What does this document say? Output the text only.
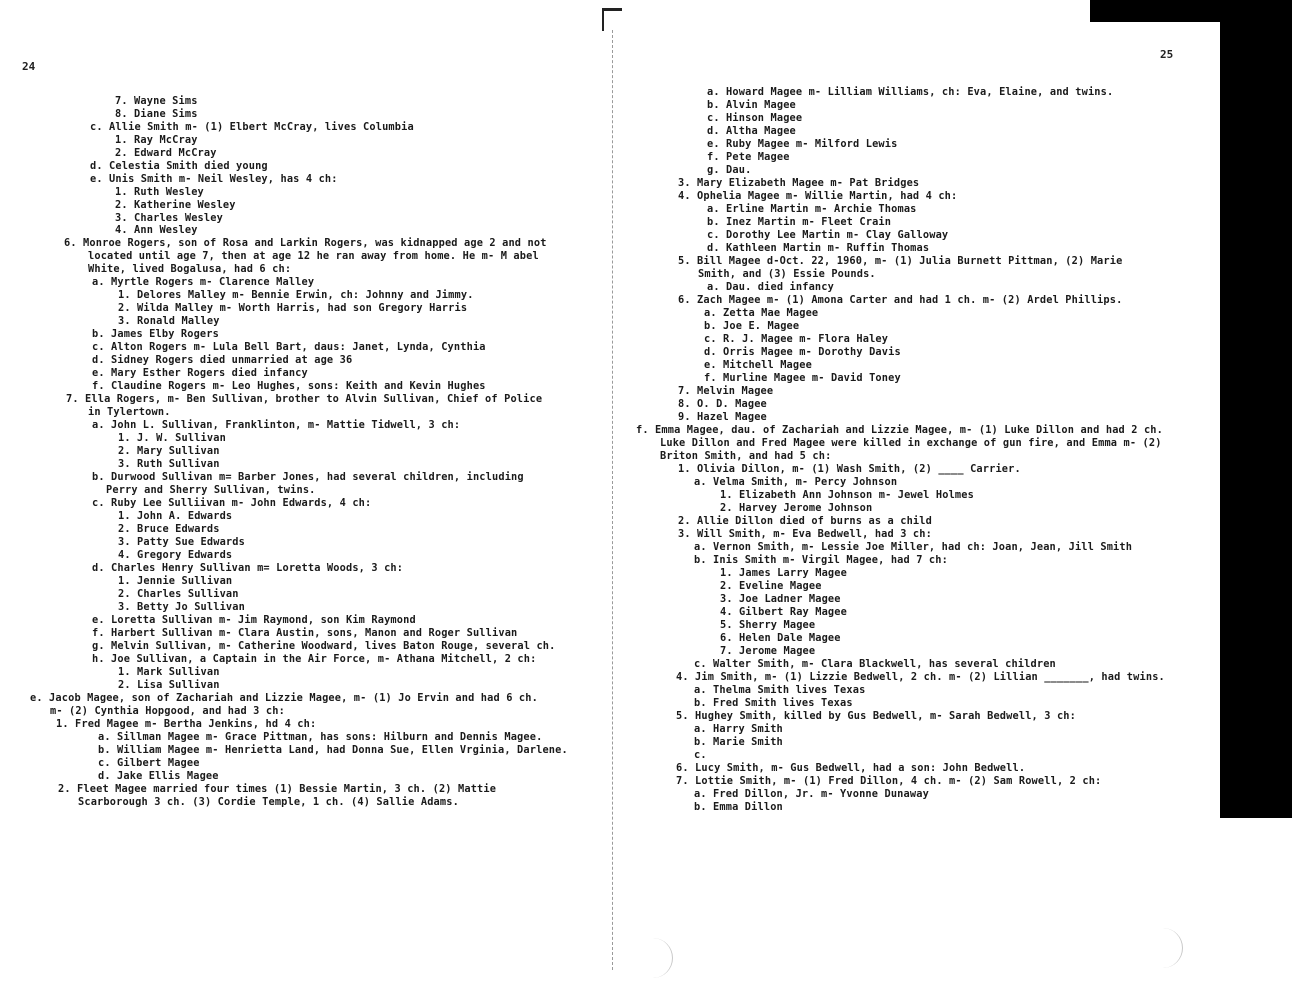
24
25
7. Wayne Sims
8. Diane Sims
c. Allie Smith m- (1) Elbert McCray, lives Columbia
1. Ray McCray
2. Edward McCray
d. Celestia Smith died young
e. Unis Smith m- Neil Wesley, has 4 ch:
1. Ruth Wesley
2. Katherine Wesley
3. Charles Wesley
4. Ann Wesley
6. Monroe Rogers, son of Rosa and Larkin Rogers, was kidnapped age 2 and not
located until age 7, then at age 12 he ran away from home. He m- M abel
White, lived Bogalusa, had 6 ch:
a. Myrtle Rogers m- Clarence Malley
1. Delores Malley m- Bennie Erwin, ch: Johnny and Jimmy.
2. Wilda Malley m- Worth Harris, had son Gregory Harris
3. Ronald Malley
b. James Elby Rogers
c. Alton Rogers m- Lula Bell Bart, daus: Janet, Lynda, Cynthia
d. Sidney Rogers died unmarried at age 36
e. Mary Esther Rogers died infancy
f. Claudine Rogers m- Leo Hughes, sons: Keith and Kevin Hughes
7. Ella Rogers, m- Ben Sullivan, brother to Alvin Sullivan, Chief of Police
in Tylertown.
a. John L. Sullivan, Franklinton, m- Mattie Tidwell, 3 ch:
1. J. W. Sullivan
2. Mary Sullivan
3. Ruth Sullivan
b. Durwood Sullivan m= Barber Jones, had several children, including
Perry and Sherry Sullivan, twins.
c. Ruby Lee Sulliivan m- John Edwards, 4 ch:
1. John A. Edwards
2. Bruce Edwards
3. Patty Sue Edwards
4. Gregory Edwards
d. Charles Henry Sullivan m= Loretta Woods, 3 ch:
1. Jennie Sullivan
2. Charles Sullivan
3. Betty Jo Sullivan
e. Loretta Sullivan m- Jim Raymond, son Kim Raymond
f. Harbert Sullivan m- Clara Austin, sons, Manon and Roger Sullivan
g. Melvin Sullivan, m- Catherine Woodward, lives Baton Rouge, several ch.
h. Joe Sullivan, a Captain in the Air Force, m- Athana Mitchell, 2 ch:
1. Mark Sullivan
2. Lisa Sullivan
e. Jacob Magee, son of Zachariah and Lizzie Magee, m- (1) Jo Ervin and had 6 ch.
m- (2) Cynthia Hopgood, and had 3 ch:
1. Fred Magee m- Bertha Jenkins, hd 4 ch:
a. Sillman Magee m- Grace Pittman, has sons: Hilburn and Dennis Magee.
b. William Magee m- Henrietta Land, had Donna Sue, Ellen Vrginia, Darlene.
c. Gilbert Magee
d. Jake Ellis Magee
2. Fleet Magee married four times (1) Bessie Martin, 3 ch. (2) Mattie
Scarborough 3 ch. (3) Cordie Temple, 1 ch. (4) Sallie Adams.
a. Howard Magee m- Lilliam Williams, ch: Eva, Elaine, and twins.
b. Alvin Magee
c. Hinson Magee
d. Altha Magee
e. Ruby Magee m- Milford Lewis
f. Pete Magee
g. Dau.
3. Mary Elizabeth Magee m- Pat Bridges
4. Ophelia Magee m- Willie Martin, had 4 ch:
a. Erline Martin m- Archie Thomas
b. Inez Martin m- Fleet Crain
c. Dorothy Lee Martin m- Clay Galloway
d. Kathleen Martin m- Ruffin Thomas
5. Bill Magee d-Oct. 22, 1960, m- (1) Julia Burnett Pittman, (2) Marie
Smith, and (3) Essie Pounds.
a. Dau. died infancy
6. Zach Magee m- (1) Amona Carter and had 1 ch. m- (2) Ardel Phillips.
a. Zetta Mae Magee
b. Joe E. Magee
c. R. J. Magee m- Flora Haley
d. Orris Magee m- Dorothy Davis
e. Mitchell Magee
f. Murline Magee m- David Toney
7. Melvin Magee
8. O. D. Magee
9. Hazel Magee
f. Emma Magee, dau. of Zachariah and Lizzie Magee, m- (1) Luke Dillon and had 2 ch.
Luke Dillon and Fred Magee were killed in exchange of gun fire, and Emma m- (2)
Briton Smith, and had 5 ch:
1. Olivia Dillon, m- (1) Wash Smith, (2) ____ Carrier.
a. Velma Smith, m- Percy Johnson
1. Elizabeth Ann Johnson m- Jewel Holmes
2. Harvey Jerome Johnson
2. Allie Dillon died of burns as a child
3. Will Smith, m- Eva Bedwell, had 3 ch:
a. Vernon Smith, m- Lessie Joe Miller, had ch: Joan, Jean, Jill Smith
b. Inis Smith m- Virgil Magee, had 7 ch:
1. James Larry Magee
2. Eveline Magee
3. Joe Ladner Magee
4. Gilbert Ray Magee
5. Sherry Magee
6. Helen Dale Magee
7. Jerome Magee
c. Walter Smith, m- Clara Blackwell, has several children
4. Jim Smith, m- (1) Lizzie Bedwell, 2 ch. m- (2) Lillian _______, had twins.
a. Thelma Smith lives Texas
b. Fred Smith lives Texas
5. Hughey Smith, killed by Gus Bedwell, m- Sarah Bedwell, 3 ch:
a. Harry Smith
b. Marie Smith
c.
6. Lucy Smith, m- Gus Bedwell, had a son: John Bedwell.
7. Lottie Smith, m- (1) Fred Dillon, 4 ch. m- (2) Sam Rowell, 2 ch:
a. Fred Dillon, Jr. m- Yvonne Dunaway
b. Emma Dillon
